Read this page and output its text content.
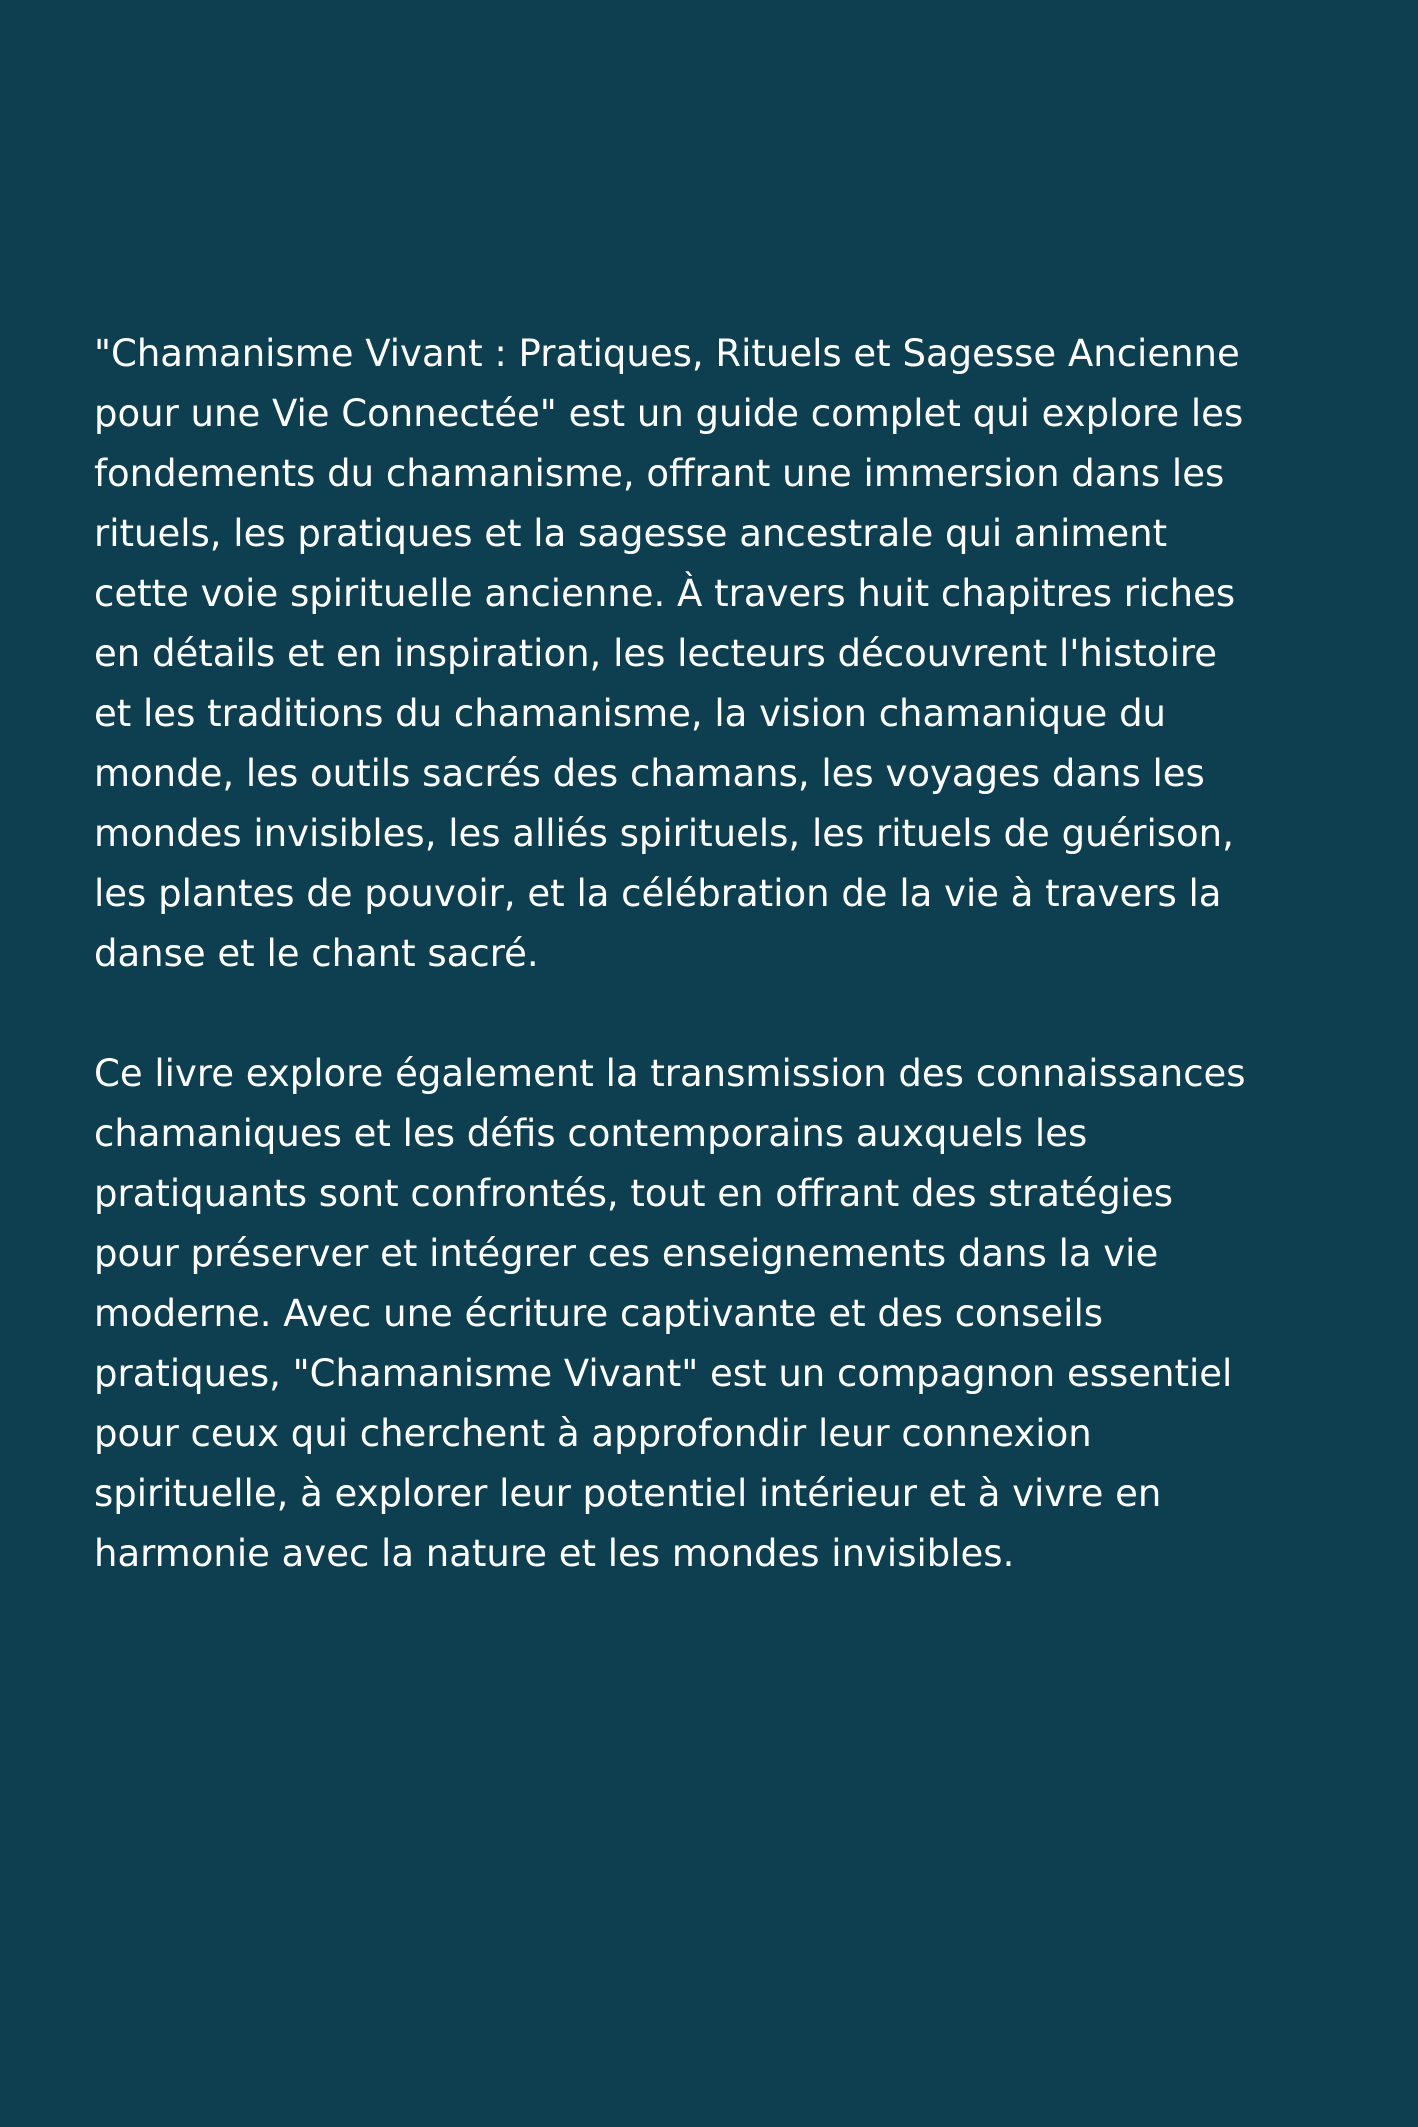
"Chamanisme Vivant : Pratiques, Rituels et Sagesse Ancienne
pour une Vie Connectée" est un guide complet qui explore les
fondements du chamanisme, offrant une immersion dans les
rituels, les pratiques et la sagesse ancestrale qui animent
cette voie spirituelle ancienne. À travers huit chapitres riches
en détails et en inspiration, les lecteurs découvrent l'histoire
et les traditions du chamanisme, la vision chamanique du
monde, les outils sacrés des chamans, les voyages dans les
mondes invisibles, les alliés spirituels, les rituels de guérison,
les plantes de pouvoir, et la célébration de la vie à travers la
danse et le chant sacré.
Ce livre explore également la transmission des connaissances
chamaniques et les défis contemporains auxquels les
pratiquants sont confrontés, tout en offrant des stratégies
pour préserver et intégrer ces enseignements dans la vie
moderne. Avec une écriture captivante et des conseils
pratiques, "Chamanisme Vivant" est un compagnon essentiel
pour ceux qui cherchent à approfondir leur connexion
spirituelle, à explorer leur potentiel intérieur et à vivre en
harmonie avec la nature et les mondes invisibles.
